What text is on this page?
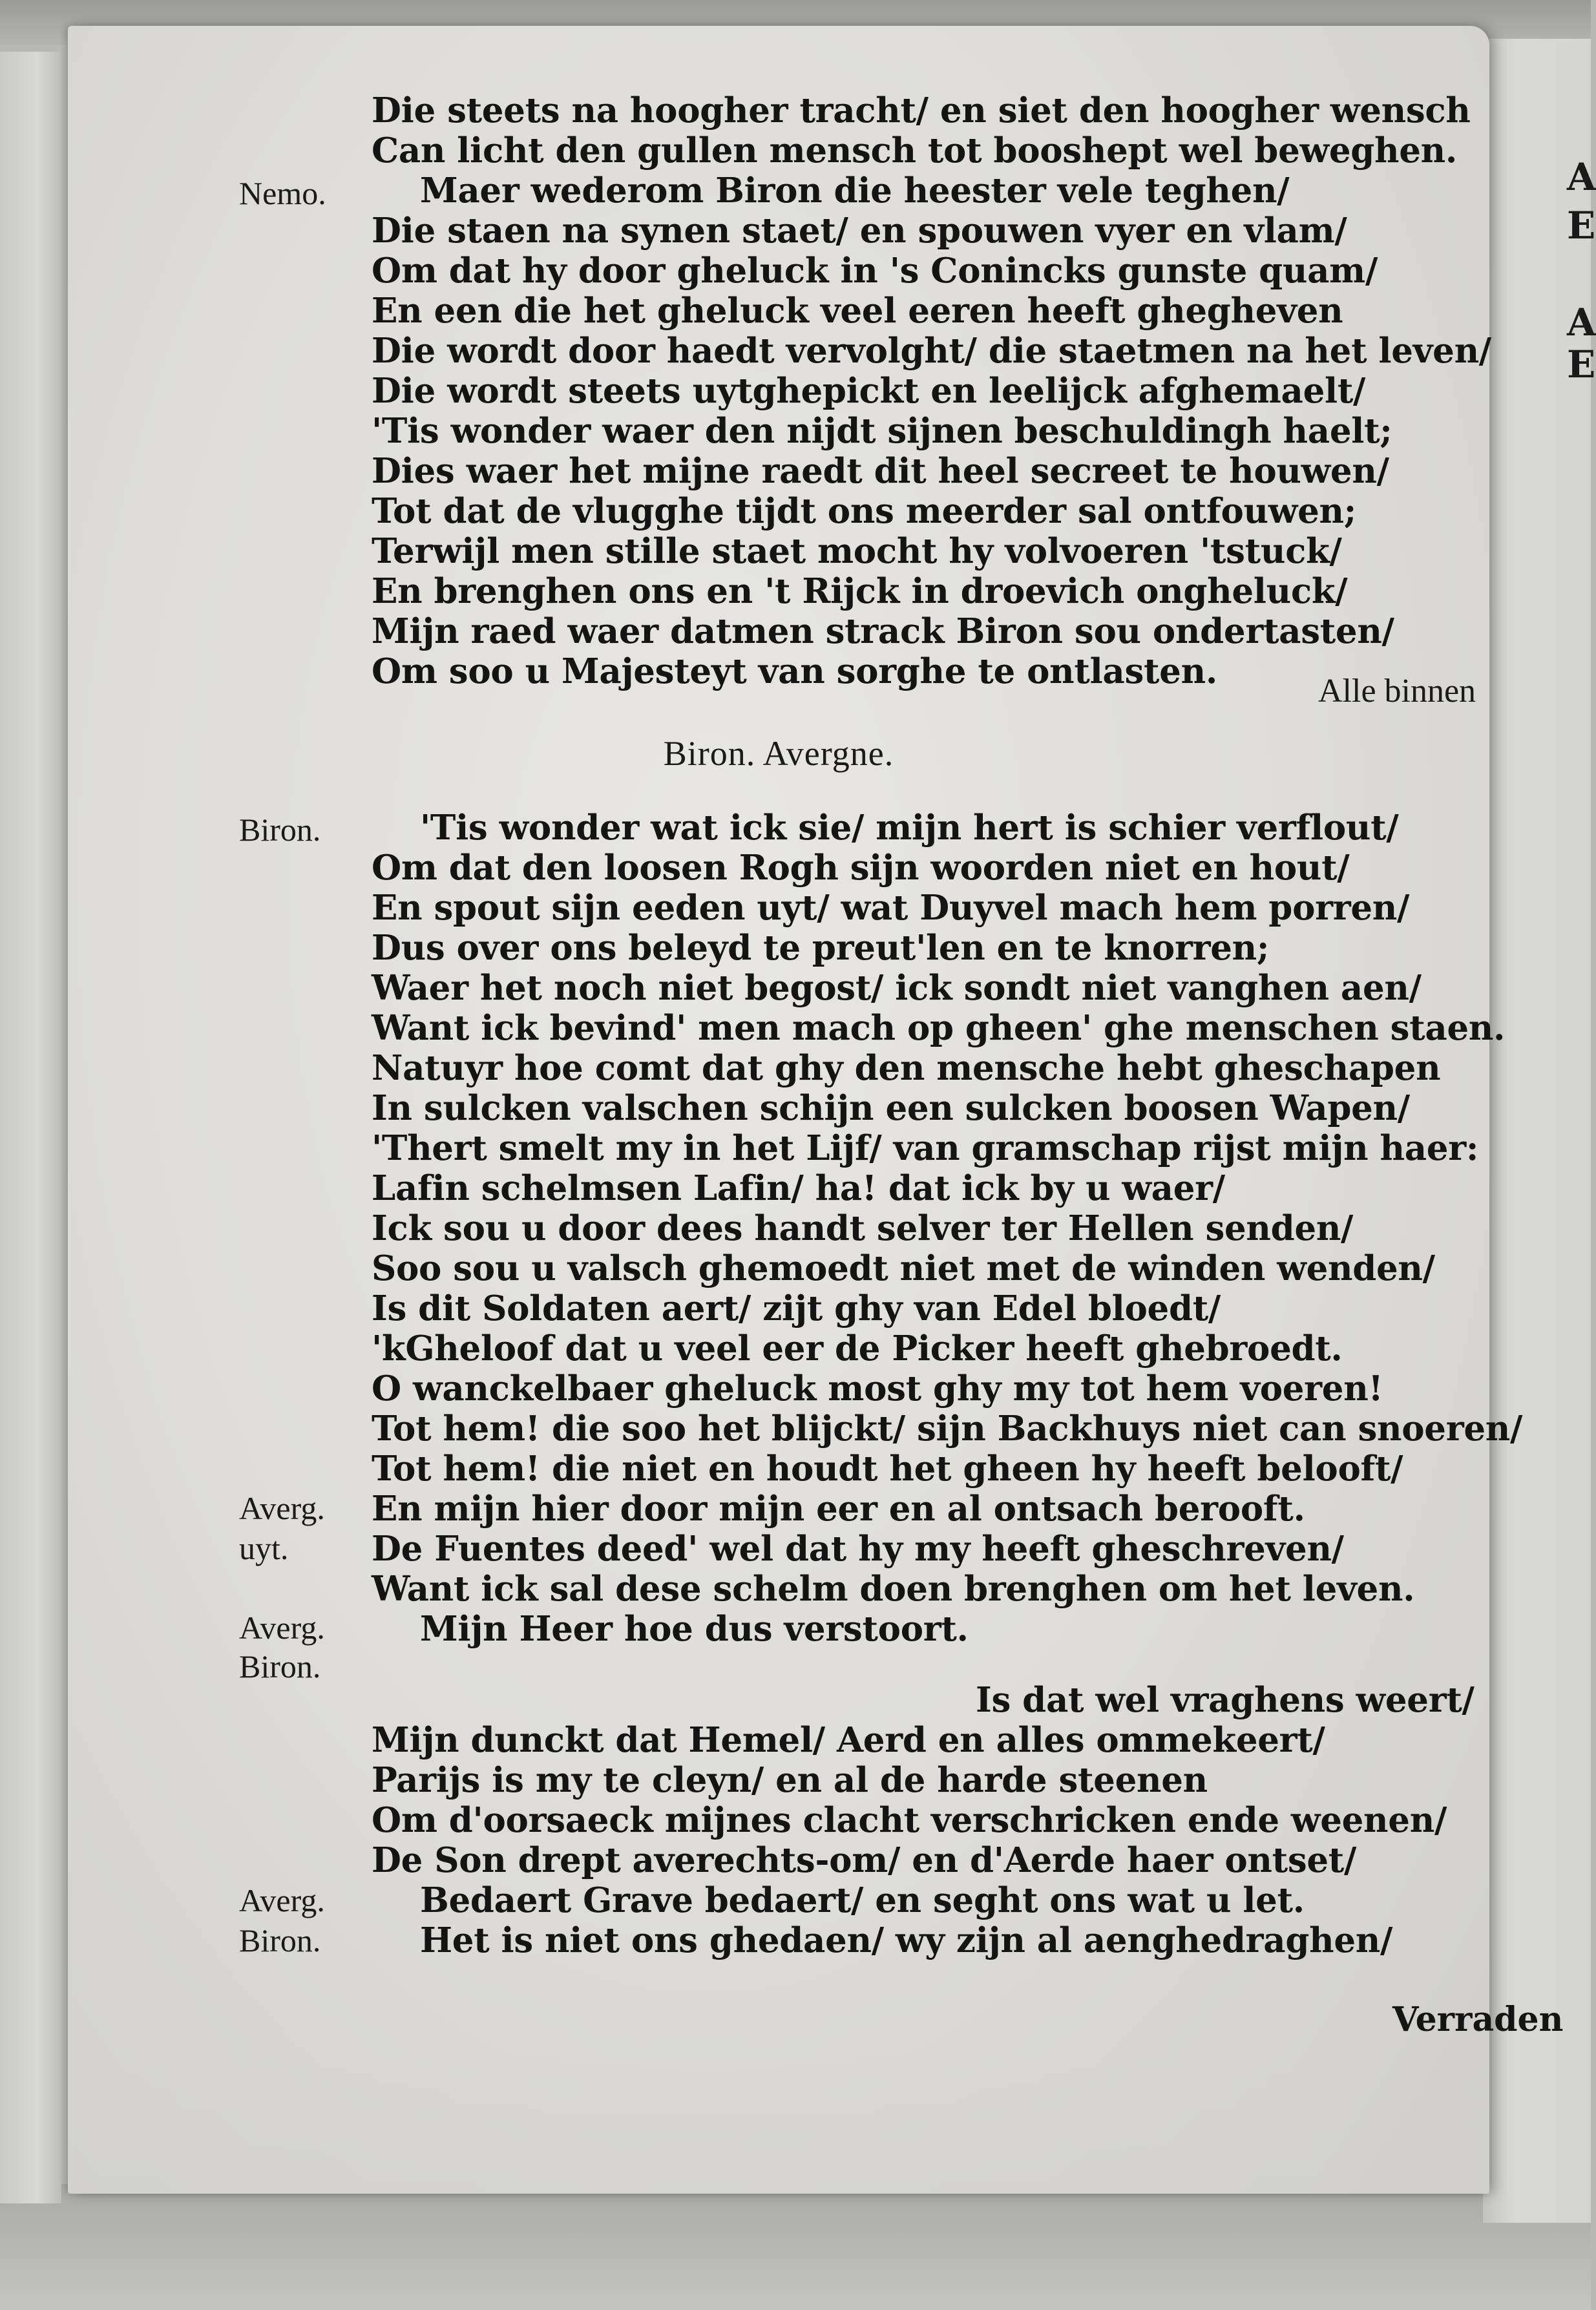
A
E
A
E
Die steets na hoogher tracht/ en siet den hoogher wensch
Can licht den gullen mensch tot booshept wel beweghen.
Maer wederom Biron die heester vele teghen/
Nemo.
Die staen na synen staet/ en spouwen vyer en vlam/
Om dat hy door gheluck in 's Conincks gunste quam/
En een die het gheluck veel eeren heeft ghegheven
Die wordt door haedt vervolght/ die staetmen na het leven/
Die wordt steets uytghepickt en leelijck afghemaelt/
'Tis wonder waer den nijdt sijnen beschuldingh haelt;
Dies waer het mijne raedt dit heel secreet te houwen/
Tot dat de vlugghe tijdt ons meerder sal ontfouwen;
Terwijl men stille staet mocht hy volvoeren 'tstuck/
En brenghen ons en 't Rijck in droevich ongheluck/
Mijn raed waer datmen strack Biron sou ondertasten/
Om soo u Majesteyt van sorghe te ontlasten.	Alle binnen
Biron. Avergne.
Biron.	'Tis wonder wat ick sie/ mijn hert is schier verflout/
Om dat den loosen Rogh sijn woorden niet en hout/
En spout sijn eeden uyt/ wat Duyvel mach hem porren/
Dus over ons beleyd te preut'len en te knorren;
Waer het noch niet begost/ ick sondt niet vanghen aen/
Want ick bevind' men mach op gheen' ghe menschen staen.
Natuyr hoe comt dat ghy den mensche hebt gheschapen
In sulcken valschen schijn een sulcken boosen Wapen/
'Thert smelt my in het Lijf/ van gramschap rijst mijn haer:
Lafin schelmsen Lafin/ ha! dat ick by u waer/
Ick sou u door dees handt selver ter Hellen senden/
Soo sou u valsch ghemoedt niet met de winden wenden/
Is dit Soldaten aert/ zijt ghy van Edel bloedt/
'kGheloof dat u veel eer de Picker heeft ghebroedt.
O wanckelbaer gheluck most ghy my tot hem voeren!
Tot hem! die soo het blijckt/ sijn Backhuys niet can snoeren/
Tot hem! die niet en houdt het gheen hy heeft belooft/
Averg. En mijn hier door mijn eer en al ontsach berooft.
uyt. De Fuentes deed' wel dat hy my heeft gheschreven/
Want ick sal dese schelm doen brenghen om het leven.
Averg.	Mijn Heer hoe dus verstoort.
Biron.
Is dat wel vraghens weert/
Mijn dunckt dat Hemel/ Aerd en alles ommekeert/
Parijs is my te cleyn/ en al de harde steenen
Om d'oorsaeck mijnes clacht verschricken ende weenen/
De Son drept averechts-om/ en d'Aerde haer ontset/
Averg.	Bedaert Grave bedaert/ en seght ons wat u let.
Biron.	Het is niet ons ghedaen/ wy zijn al aenghedraghen/
Verraden
